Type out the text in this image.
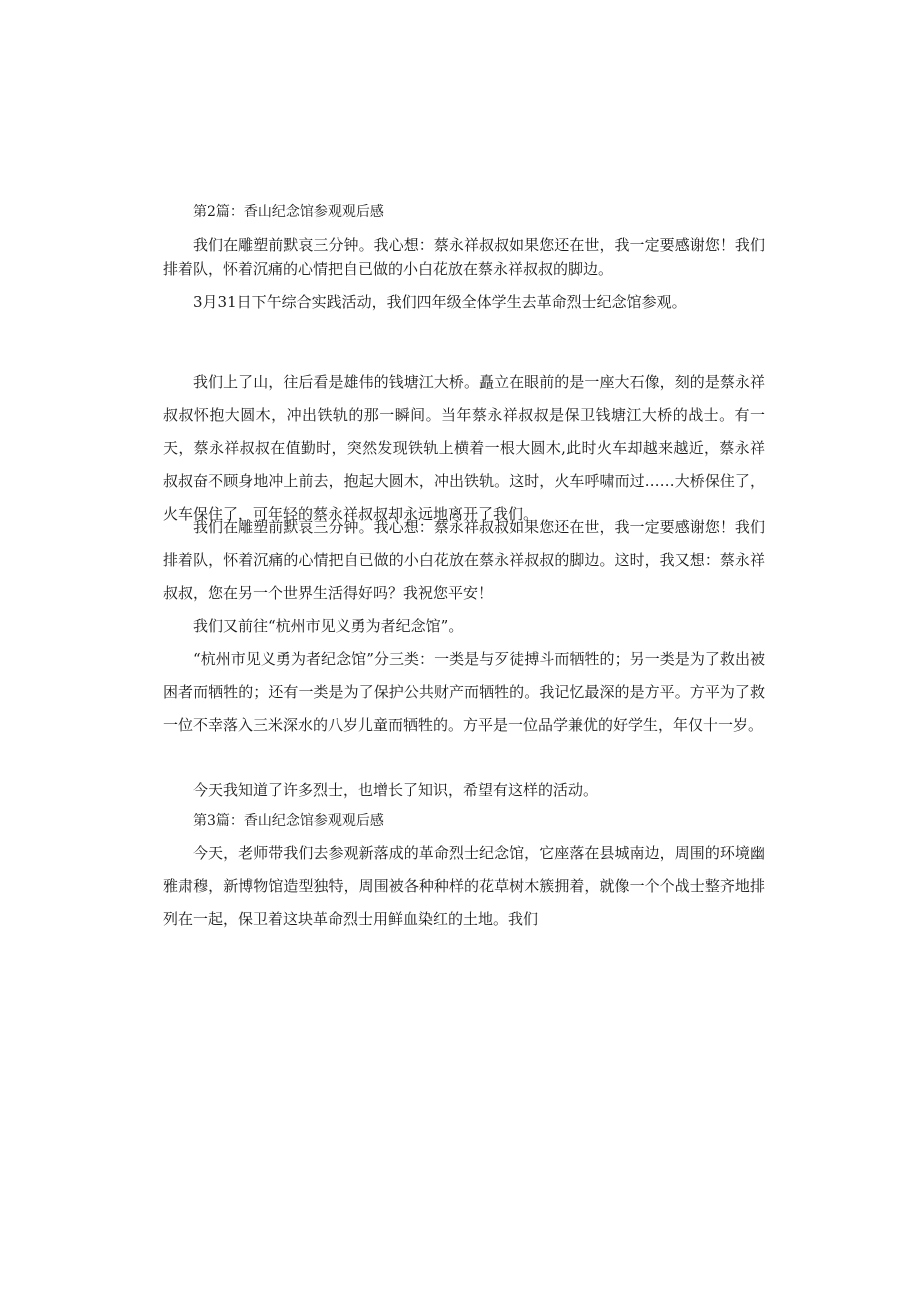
第2篇：香山纪念馆参观观后感

我们在雕塑前默哀三分钟。我心想：蔡永祥叔叔如果您还在世，我一定要感谢您！我们排着队，怀着沉痛的心情把自已做的小白花放在蔡永祥叔叔的脚边。

3月31日下午综合实践活动，我们四年级全体学生去革命烈士纪念馆参观。

我们上了山，往后看是雄伟的钱塘江大桥。矗立在眼前的是一座大石像，刻的是蔡永祥叔叔怀抱大圆木，冲出铁轨的那一瞬间。当年蔡永祥叔叔是保卫钱塘江大桥的战士。有一天，蔡永祥叔叔在值勤时，突然发现铁轨上横着一根大圆木,此时火车却越来越近，蔡永祥叔叔奋不顾身地冲上前去，抱起大圆木，冲出铁轨。这时，火车呼啸而过……大桥保住了，火车保住了，可年轻的蔡永祥叔叔却永远地离开了我们。

我们在雕塑前默哀三分钟。我心想：蔡永祥叔叔如果您还在世，我一定要感谢您！我们排着队，怀着沉痛的心情把自已做的小白花放在蔡永祥叔叔的脚边。这时，我又想：蔡永祥叔叔，您在另一个世界生活得好吗？我祝您平安！

我们又前往“杭州市见义勇为者纪念馆”。

“杭州市见义勇为者纪念馆”分三类：一类是与歹徒搏斗而牺牲的；另一类是为了救出被困者而牺牲的；还有一类是为了保护公共财产而牺牲的。我记忆最深的是方平。方平为了救一位不幸落入三米深水的八岁儿童而牺牲的。方平是一位品学兼优的好学生，年仅十一岁。

今天我知道了许多烈士，也增长了知识，希望有这样的活动。

第3篇：香山纪念馆参观观后感

今天，老师带我们去参观新落成的革命烈士纪念馆，它座落在县城南边，周围的环境幽雅肃穆，新博物馆造型独特，周围被各种种样的花草树木簇拥着，就像一个个战士整齐地排列在一起，保卫着这块革命烈士用鲜血染红的土地。我们
